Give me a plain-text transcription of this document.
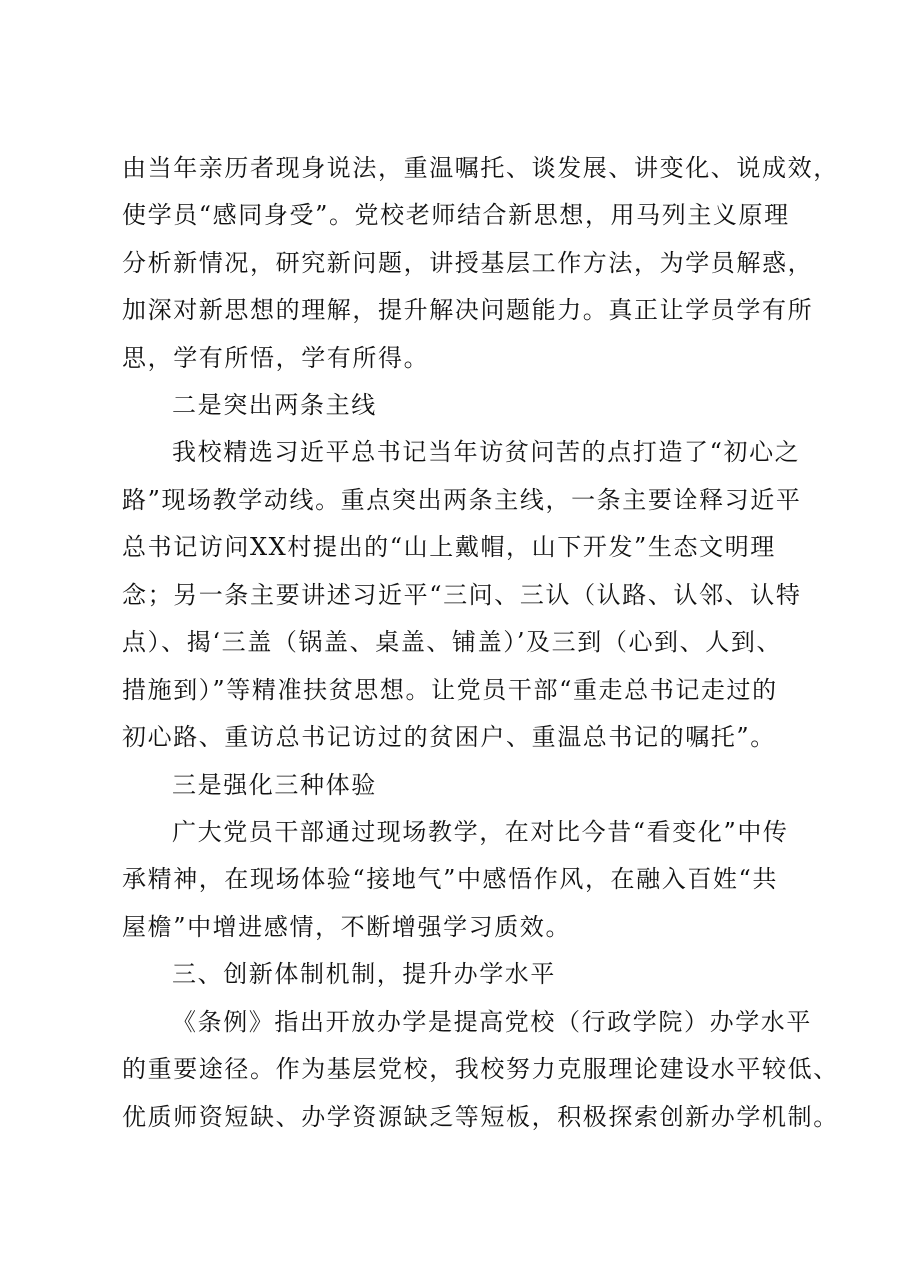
由当年亲历者现身说法，重温嘱托、谈发展、讲变化、说成效，
使学员“感同身受”。党校老师结合新思想，用马列主义原理
分析新情况，研究新问题，讲授基层工作方法，为学员解惑，
加深对新思想的理解，提升解决问题能力。真正让学员学有所
思，学有所悟，学有所得。
二是突出两条主线
我校精选习近平总书记当年访贫问苦的点打造了“初心之
路”现场教学动线。重点突出两条主线，一条主要诠释习近平
总书记访问XX村提出的“山上戴帽，山下开发”生态文明理
念；另一条主要讲述习近平“三问、三认（认路、认邻、认特
点）、揭‘三盖（锅盖、桌盖、铺盖）’及三到（心到、人到、
措施到）”等精准扶贫思想。让党员干部“重走总书记走过的
初心路、重访总书记访过的贫困户、重温总书记的嘱托”。
三是强化三种体验
广大党员干部通过现场教学，在对比今昔“看变化”中传
承精神，在现场体验“接地气”中感悟作风，在融入百姓“共
屋檐”中增进感情，不断增强学习质效。
三、创新体制机制，提升办学水平
《条例》指出开放办学是提高党校（行政学院）办学水平
的重要途径。作为基层党校，我校努力克服理论建设水平较低、
优质师资短缺、办学资源缺乏等短板，积极探索创新办学机制。
